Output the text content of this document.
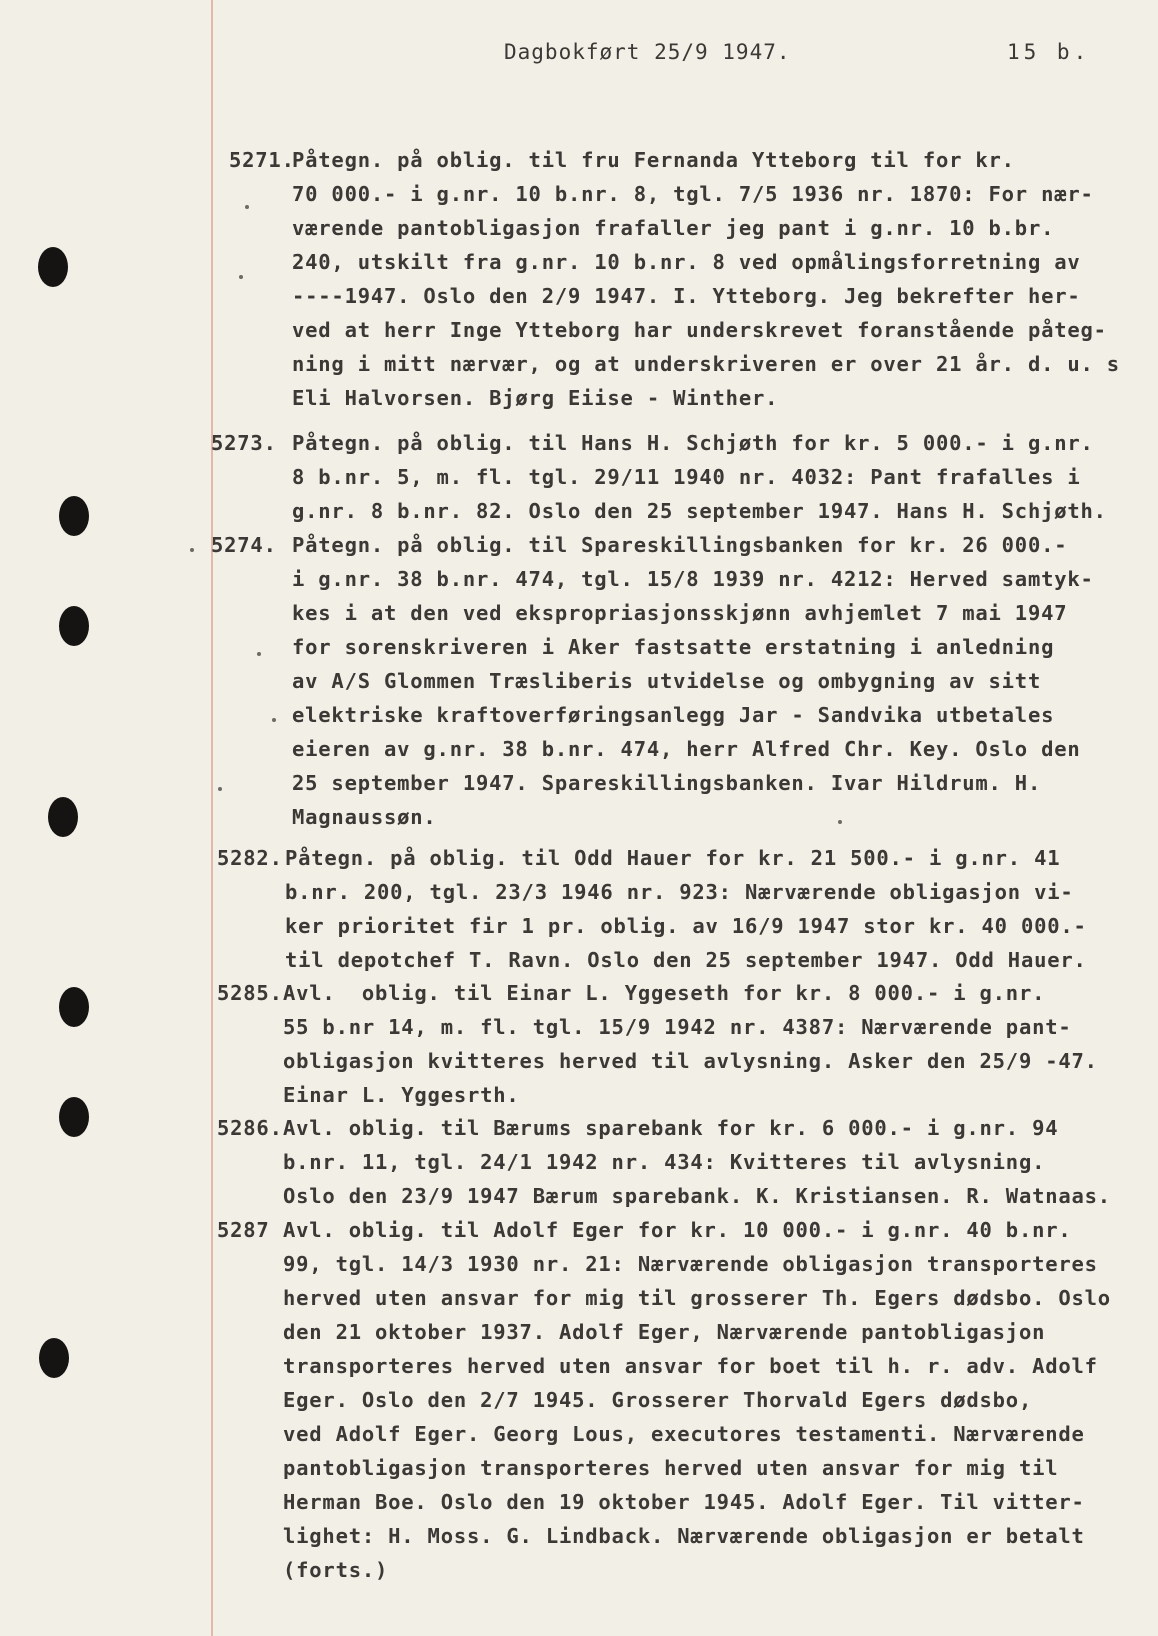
Dagbokført 25/9 1947.	15 b.
5271.
Påtegn. på oblig. til fru Fernanda Ytteborg til for kr.
70 000.- i g.nr. 10 b.nr. 8, tgl. 7/5 1936 nr. 1870: For nær-
værende pantobligasjon frafaller jeg pant i g.nr. 10 b.br.
240, utskilt fra g.nr. 10 b.nr. 8 ved opmålingsforretning av
----1947. Oslo den 2/9 1947. I. Ytteborg. Jeg bekrefter her-
ved at herr Inge Ytteborg har underskrevet foranstående påteg-
ning i mitt nærvær, og at underskriveren er over 21 år. d. u. s
Eli Halvorsen. Bjørg Eiise - Winther.
5273. Påtegn. på oblig. til Hans H. Schjøth for kr. 5 000.- i g.nr.
8 b.nr. 5, m. fl. tgl. 29/11 1940 nr. 4032: Pant frafalles i
g.nr. 8 b.nr. 82. Oslo den 25 september 1947. Hans H. Schjøth.
5274. Påtegn. på oblig. til Spareskillingsbanken for kr. 26 000.-
i g.nr. 38 b.nr. 474, tgl. 15/8 1939 nr. 4212: Herved samtyk-
kes i at den ved ekspropriasjonsskjønn avhjemlet 7 mai 1947
for sorenskriveren i Aker fastsatte erstatning i anledning
av A/S Glommen Træsliberis utvidelse og ombygning av sitt
elektriske kraftoverføringsanlegg Jar - Sandvika utbetales
eieren av g.nr. 38 b.nr. 474, herr Alfred Chr. Key. Oslo den
25 september 1947. Spareskillingsbanken. Ivar Hildrum. H.
Magnaussøn.
5282. Påtegn. på oblig. til Odd Hauer for kr. 21 500.- i g.nr. 41
b.nr. 200, tgl. 23/3 1946 nr. 923: Nærværende obligasjon vi-
ker prioritet fir 1 pr. oblig. av 16/9 1947 stor kr. 40 000.-
til depotchef T. Ravn. Oslo den 25 september 1947. Odd Hauer.
5285. Avl.  oblig. til Einar L. Yggeseth for kr. 8 000.- i g.nr.
55 b.nr 14, m. fl. tgl. 15/9 1942 nr. 4387: Nærværende pant-
obligasjon kvitteres herved til avlysning. Asker den 25/9 -47.
Einar L. Yggesrth.
5286. Avl. oblig. til Bærums sparebank for kr. 6 000.- i g.nr. 94
b.nr. 11, tgl. 24/1 1942 nr. 434: Kvitteres til avlysning.
Oslo den 23/9 1947 Bærum sparebank. K. Kristiansen. R. Watnaas.
5287 Avl. oblig. til Adolf Eger for kr. 10 000.- i g.nr. 40 b.nr.
99, tgl. 14/3 1930 nr. 21: Nærværende obligasjon transporteres
herved uten ansvar for mig til grosserer Th. Egers dødsbo. Oslo
den 21 oktober 1937. Adolf Eger, Nærværende pantobligasjon
transporteres herved uten ansvar for boet til h. r. adv. Adolf
Eger. Oslo den 2/7 1945. Grosserer Thorvald Egers dødsbo,
ved Adolf Eger. Georg Lous, executores testamenti. Nærværende
pantobligasjon transporteres herved uten ansvar for mig til
Herman Boe. Oslo den 19 oktober 1945. Adolf Eger. Til vitter-
lighet: H. Moss. G. Lindback. Nærværende obligasjon er betalt
(forts.)
